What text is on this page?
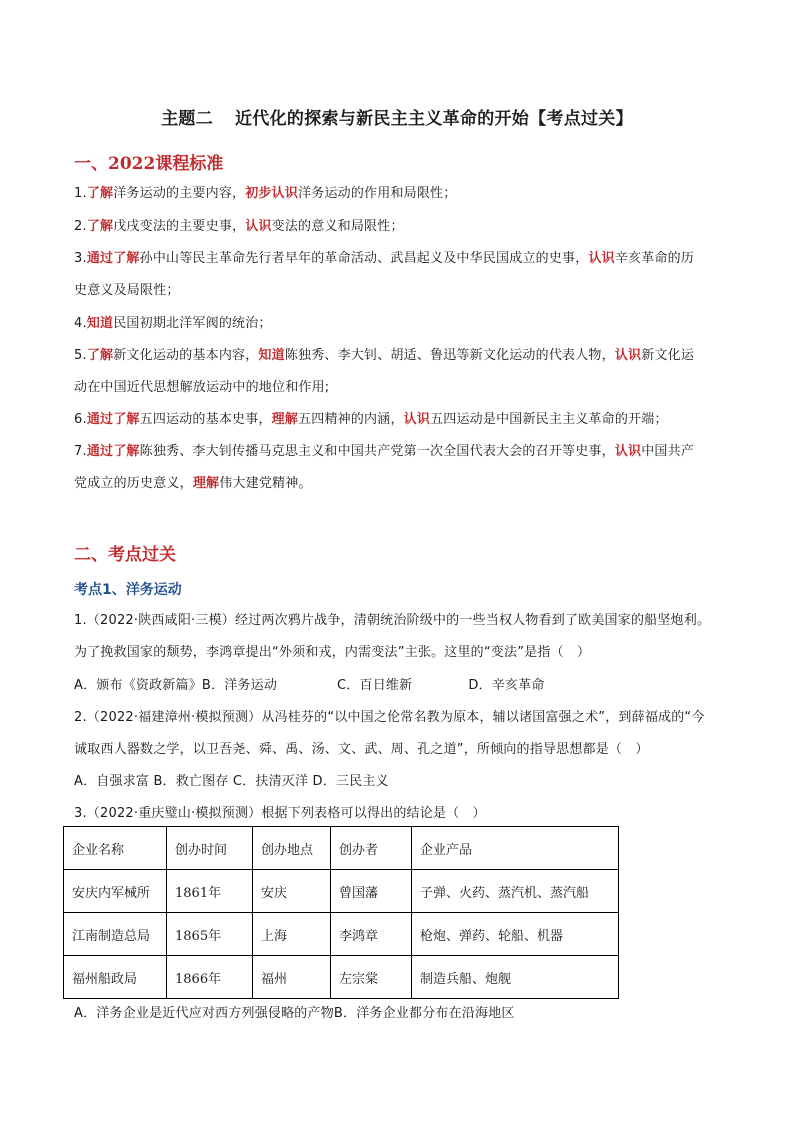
主题二 近代化的探索与新民主主义革命的开始【考点过关】
一、2022课程标准
1.了解洋务运动的主要内容，初步认识洋务运动的作用和局限性；
2.了解戊戌变法的主要史事，认识变法的意义和局限性；
3.通过了解孙中山等民主革命先行者早年的革命活动、武昌起义及中华民国成立的史事，认识辛亥革命的历
史意义及局限性；
4.知道民国初期北洋军阀的统治；
5.了解新文化运动的基本内容，知道陈独秀、李大钊、胡适、鲁迅等新文化运动的代表人物，认识新文化运
动在中国近代思想解放运动中的地位和作用;
6.通过了解五四运动的基本史事，理解五四精神的内涵，认识五四运动是中国新民主主义革命的开端；
7.通过了解陈独秀、李大钊传播马克思主义和中国共产党第一次全国代表大会的召开等史事，认识中国共产
党成立的历史意义，理解伟大建党精神。
二、考点过关
考点1、洋务运动
1.（2022·陕西咸阳·三模）经过两次鸦片战争，清朝统治阶级中的一些当权人物看到了欧美国家的船坚炮利。
为了挽救国家的颓势，李鸿章提出“外须和戎，内需变法”主张。这里的“变法”是指（　）
A．颁布《资政新篇》B．洋务运动	C．百日维新	D．辛亥革命
2.（2022·福建漳州·模拟预测）从冯桂芬的“以中国之伦常名教为原本，辅以诸国富强之术”，到薛福成的“今
诚取西人器数之学，以卫吾尧、舜、禹、汤、文、武、周、孔之道”，所倾向的指导思想都是（　）
A．自强求富 B．救亡图存 C．扶清灭洋 D．三民主义
3.（2022·重庆璧山·模拟预测）根据下列表格可以得出的结论是（　）
企业名称	创办时间	创办地点	创办者	企业产品
安庆内军械所	1861年	安庆	曾国藩	子弹、火药、蒸汽机、蒸汽船
江南制造总局	1865年	上海	李鸿章	枪炮、弹药、轮船、机器
福州船政局	1866年	福州	左宗棠	制造兵船、炮舰
A．洋务企业是近代应对西方列强侵略的产物B．洋务企业都分布在沿海地区
